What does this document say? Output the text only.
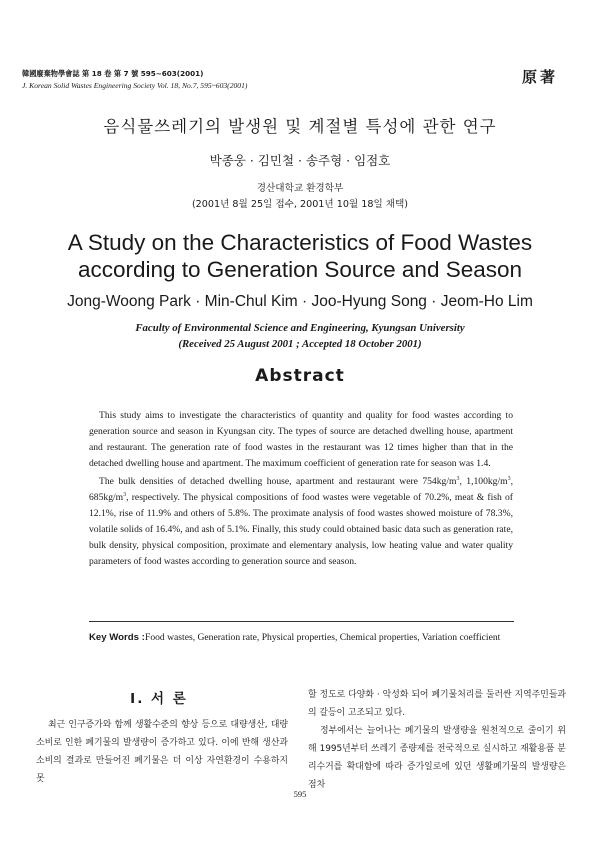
韓國廢棄物學會誌 第 18 卷 第 7 號 595~603(2001)
J. Korean Solid Wastes Engineering Society Vol. 18, No.7, 595~603(2001)	原著
음식물쓰레기의 발생원 및 계절별 특성에 관한 연구
박종웅 · 김민철 · 송주형 · 임점호
경산대학교 환경학부
(2001년 8월 25일 접수, 2001년 10월 18일 채택)
A Study on the Characteristics of Food Wastes
according to Generation Source and Season
Jong-Woong Park · Min-Chul Kim · Joo-Hyung Song · Jeom-Ho Lim
Faculty of Environmental Science and Engineering, Kyungsan University
(Received 25 August 2001 ; Accepted 18 October 2001)
Abstract

This study aims to investigate the characteristics of quantity and quality for food wastes according to generation source and season in Kyungsan city. The types of source are detached dwelling house, apartment and restaurant. The generation rate of food wastes in the restaurant was 12 times higher than that in the detached dwelling house and apartment. The maximum coefficient of generation rate for season was 1.4.

The bulk densities of detached dwelling house, apartment and restaurant were $754kg/m^3$, $1,100kg/m^3$, $685kg/m^3$, respectively. The physical compositions of food wastes were vegetable of 70.2%, meat & fish of 12.1%, rise of 11.9% and others of 5.8%. The proximate analysis of food wastes showed moisture of 78.3%, volatile solids of 16.4%, and ash of 5.1%. Finally, this study could obtained basic data such as generation rate, bulk density, physical composition, proximate and elementary analysis, low heating value and water quality parameters of food wastes according to generation source and season.

Key Words : Food wastes, Generation rate, Physical properties, Chemical properties, Variation coefficient
Ⅰ. 서 론

최근 인구증가와 함께 생활수준의 향상 등으로 대량생산, 대량소비로 인한 폐기물의 발생량이 증가하고 있다. 이에 반해 생산과 소비의 결과로 만들어진 폐기물은 더 이상 자연환경이 수용하지 못

할 정도로 다양화 · 악성화 되어 폐기물처리를 둘러싼 지역주민들과의 갈등이 고조되고 있다.

정부에서는 늘어나는 폐기물의 발생량을 원천적으로 줄이기 위해 1995년부터 쓰레기 종량제를 전국적으로 실시하고 재활용품 분리수거를 확대함에 따라 증가일로에 있던 생활폐기물의 발생량은 점차

595
